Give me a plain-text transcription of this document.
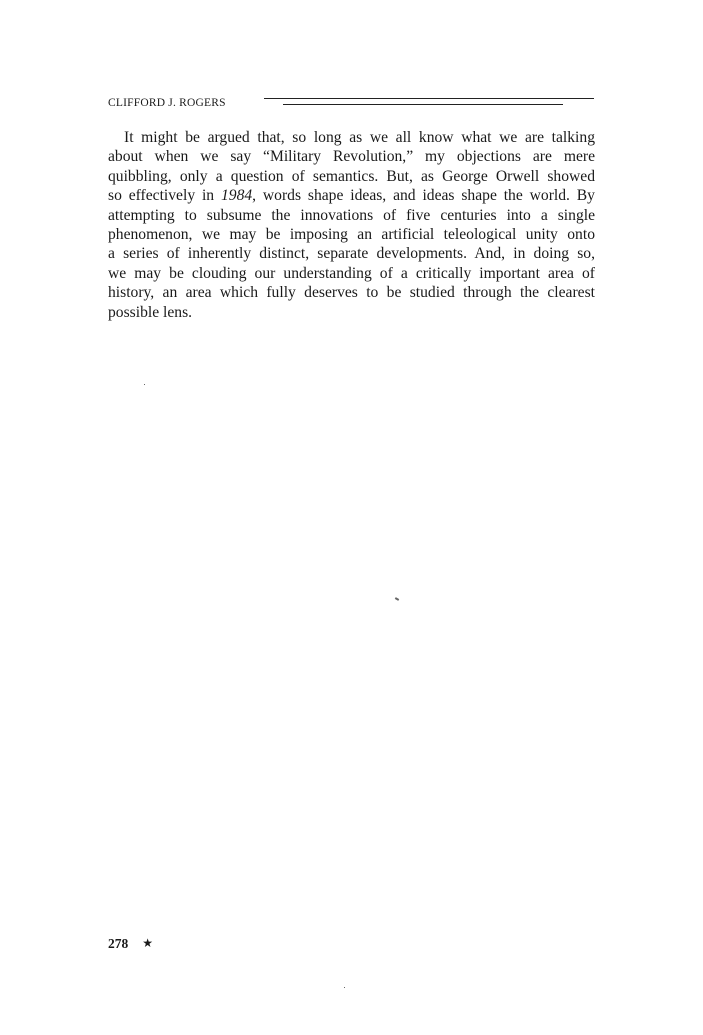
CLIFFORD J. ROGERS
It might be argued that, so long as we all know what we are talking
about when we say “Military Revolution,” my objections are mere
quibbling, only a question of semantics. But, as George Orwell showed
so effectively in 1984, words shape ideas, and ideas shape the world. By
attempting to subsume the innovations of five centuries into a single
phenomenon, we may be imposing an artificial teleological unity onto
a series of inherently distinct, separate developments. And, in doing so,
we may be clouding our understanding of a critically important area of
history, an area which fully deserves to be studied through the clearest
possible lens.
278 ★
